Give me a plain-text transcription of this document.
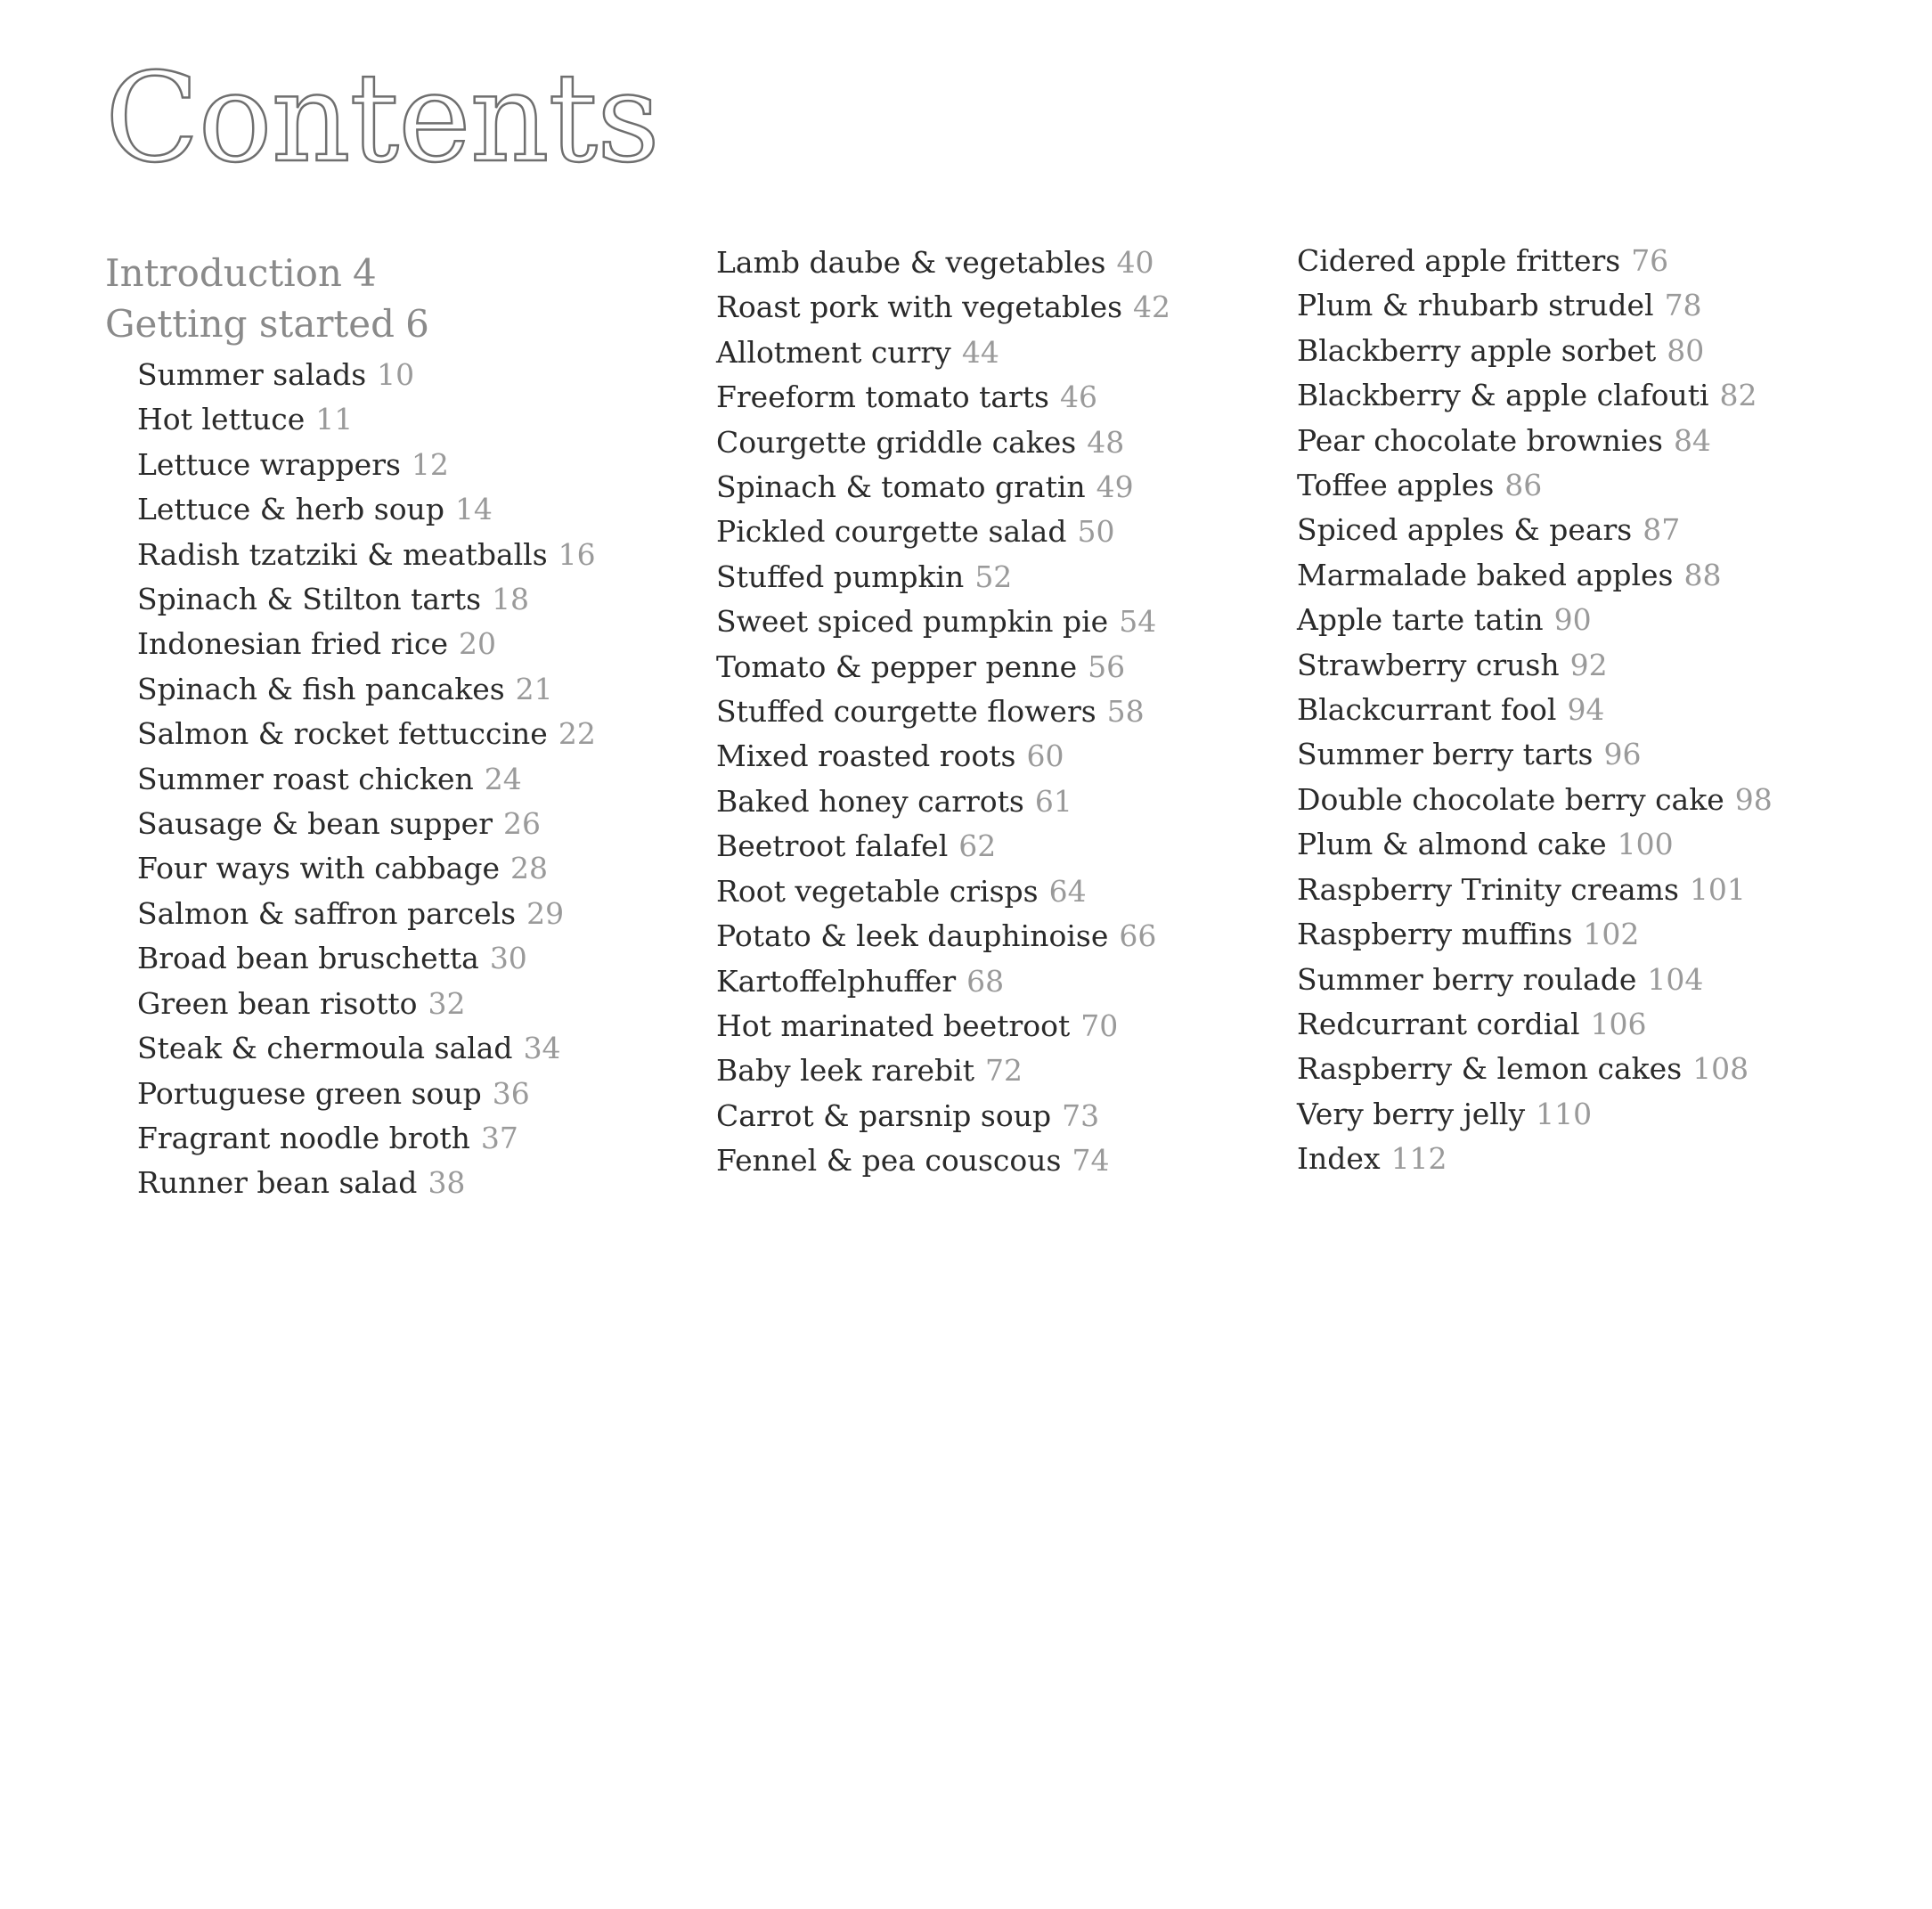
Contents
Introduction 4
Getting started 6
Summer salads 10
Hot lettuce 11
Lettuce wrappers 12
Lettuce & herb soup 14
Radish tzatziki & meatballs 16
Spinach & Stilton tarts 18
Indonesian fried rice 20
Spinach & fish pancakes 21
Salmon & rocket fettuccine 22
Summer roast chicken 24
Sausage & bean supper 26
Four ways with cabbage 28
Salmon & saffron parcels 29
Broad bean bruschetta 30
Green bean risotto 32
Steak & chermoula salad 34
Portuguese green soup 36
Fragrant noodle broth 37
Runner bean salad 38
Lamb daube & vegetables 40
Roast pork with vegetables 42
Allotment curry 44
Freeform tomato tarts 46
Courgette griddle cakes 48
Spinach & tomato gratin 49
Pickled courgette salad 50
Stuffed pumpkin 52
Sweet spiced pumpkin pie 54
Tomato & pepper penne 56
Stuffed courgette flowers 58
Mixed roasted roots 60
Baked honey carrots 61
Beetroot falafel 62
Root vegetable crisps 64
Potato & leek dauphinoise 66
Kartoffelphuffer 68
Hot marinated beetroot 70
Baby leek rarebit 72
Carrot & parsnip soup 73
Fennel & pea couscous 74
Cidered apple fritters 76
Plum & rhubarb strudel 78
Blackberry apple sorbet 80
Blackberry & apple clafouti 82
Pear chocolate brownies 84
Toffee apples 86
Spiced apples & pears 87
Marmalade baked apples 88
Apple tarte tatin 90
Strawberry crush 92
Blackcurrant fool 94
Summer berry tarts 96
Double chocolate berry cake 98
Plum & almond cake 100
Raspberry Trinity creams 101
Raspberry muffins 102
Summer berry roulade 104
Redcurrant cordial 106
Raspberry & lemon cakes 108
Very berry jelly 110
Index 112
